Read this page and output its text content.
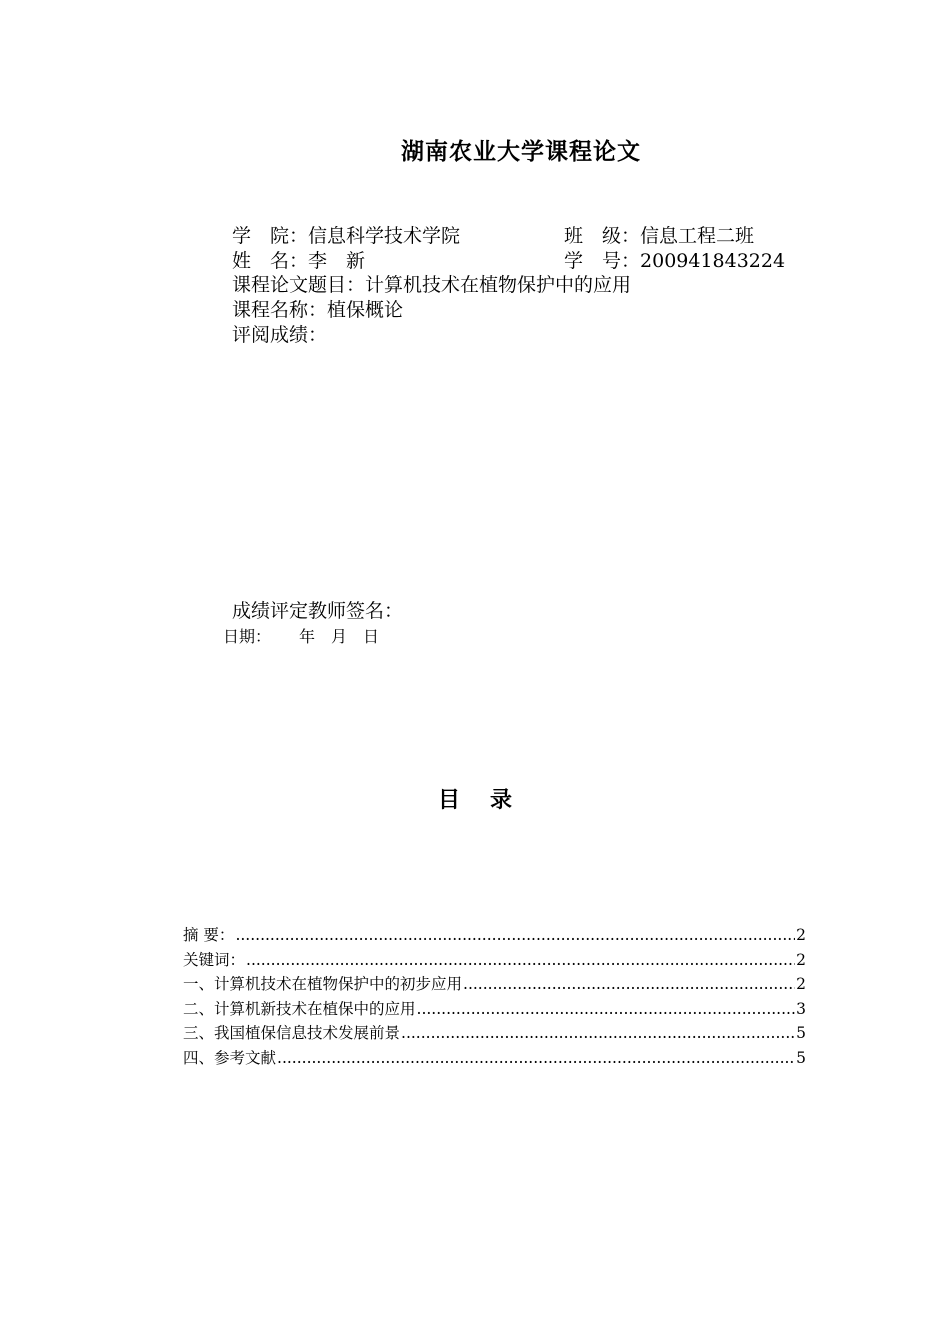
湖南农业大学课程论文
学　院：信息科学技术学院	班　级：信息工程二班
姓　名：李　新	学　号：200941843224
课程论文题目：计算机技术在植物保护中的应用
课程名称：植保概论
评阅成绩：
成绩评定教师签名：
日期： 年 月 日
目 录
摘 要： .....	2
关键词： .....	2
一、计算机技术在植物保护中的初步应用 .....	2
二、计算机新技术在植保中的应用 .....	3
三、我国植保信息技术发展前景 .....	5
四、参考文献 .....	5
